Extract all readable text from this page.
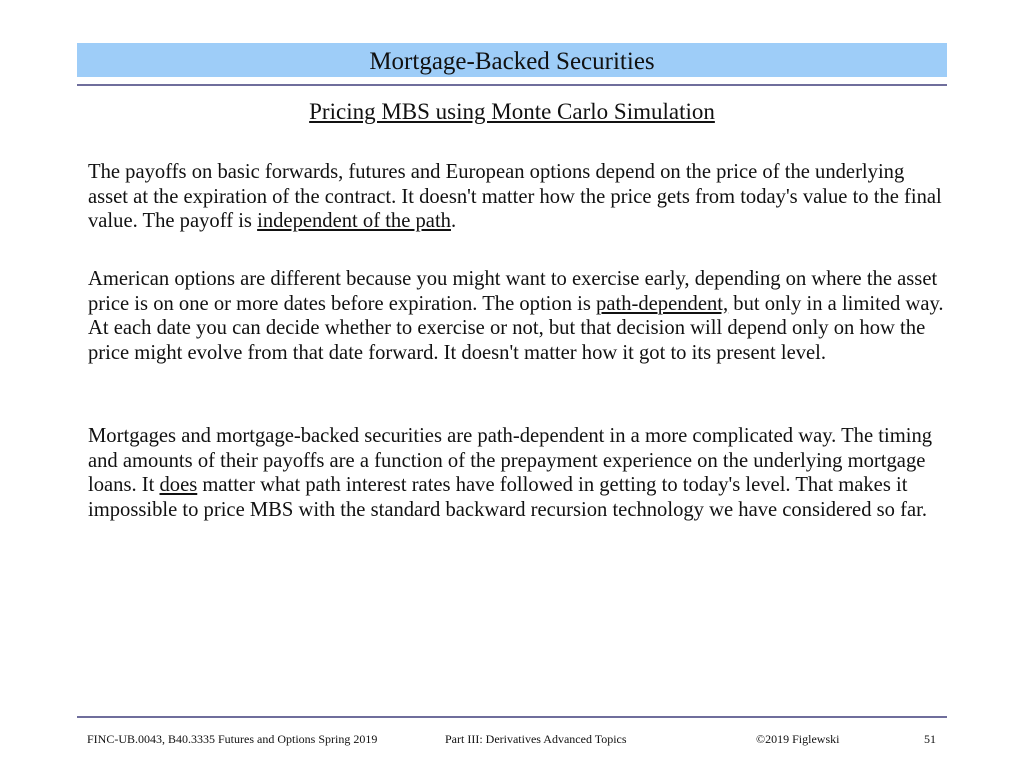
Mortgage-Backed Securities
Pricing MBS using Monte Carlo Simulation

The payoffs on basic forwards, futures and European options depend on the price of the underlying asset at the expiration of the contract. It doesn't matter how the price gets from today's value to the final value. The payoff is independent of the path.

American options are different because you might want to exercise early, depending on where the asset price is on one or more dates before expiration. The option is path-dependent, but only in a limited way. At each date you can decide whether to exercise or not, but that decision will depend only on how the price might evolve from that date forward. It doesn't matter how it got to its present level.

Mortgages and mortgage-backed securities are path-dependent in a more complicated way. The timing and amounts of their payoffs are a function of the prepayment experience on the underlying mortgage loans. It does matter what path interest rates have followed in getting to today's level. That makes it impossible to price MBS with the standard backward recursion technology we have considered so far.

FINC-UB.0043, B40.3335 Futures and Options Spring 2019	Part III: Derivatives Advanced Topics	©2019 Figlewski	51
